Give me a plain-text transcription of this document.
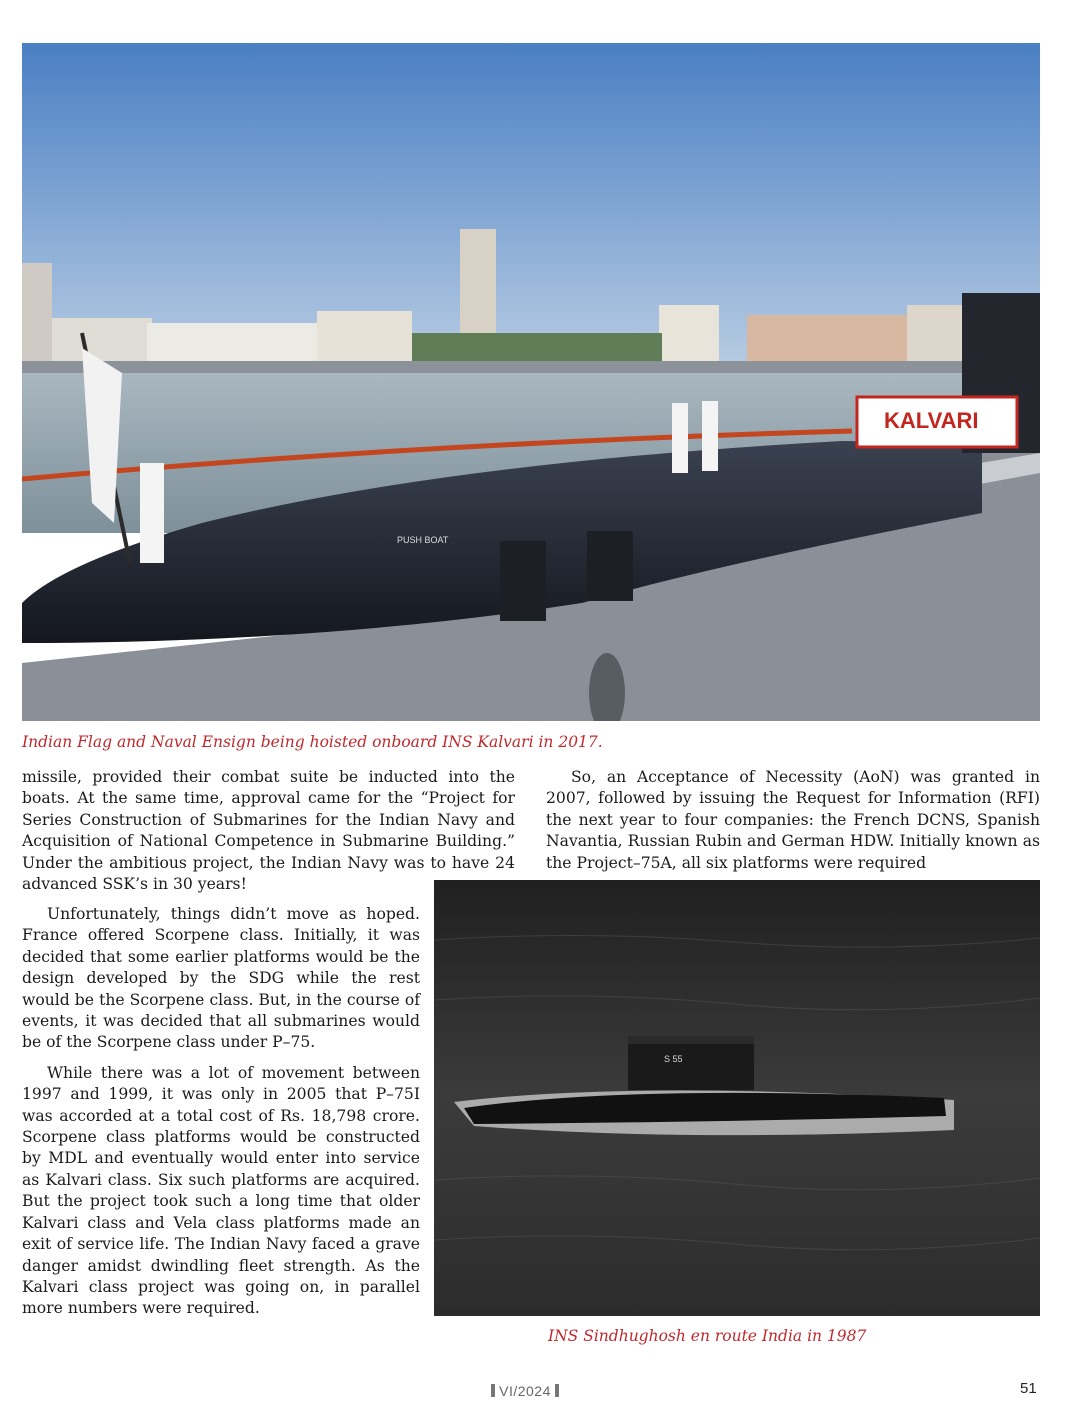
KALVARI
PUSH BOAT

Indian Flag and Naval Ensign being hoisted onboard INS Kalvari in 2017.

missile, provided their combat suite be inducted into the boats. At the same time, approval came for the “Project for Series Construction of Submarines for the Indian Navy and Acquisition of National Competence in Submarine Building.” Under the ambitious project, the Indian Navy was to have 24 advanced SSK’s in 30 years!

So, an Acceptance of Necessity (AoN) was granted in 2007, followed by issuing the Request for Information (RFI) the next year to four companies: the French DCNS, Spanish Navantia, Russian Rubin and German HDW. Initially known as the Project–75A, all six platforms were required

Unfortunately, things didn’t move as hoped. France offered Scorpene class. Initially, it was decided that some earlier platforms would be the design developed by the SDG while the rest would be the Scorpene class. But, in the course of events, it was decided that all submarines would be of the Scorpene class under P–75.

While there was a lot of movement between 1997 and 1999, it was only in 2005 that P–75I was accorded at a total cost of Rs. 18,798 crore. Scorpene class platforms would be constructed by MDL and eventually would enter into service as Kalvari class. Six such platforms are acquired. But the project took such a long time that older Kalvari class and Vela class platforms made an exit of service life. The Indian Navy faced a grave danger amidst dwindling fleet strength. As the Kalvari class project was going on, in parallel more numbers were required.

S 55

INS Sindhughosh en route India in 1987

VI/2024	51
